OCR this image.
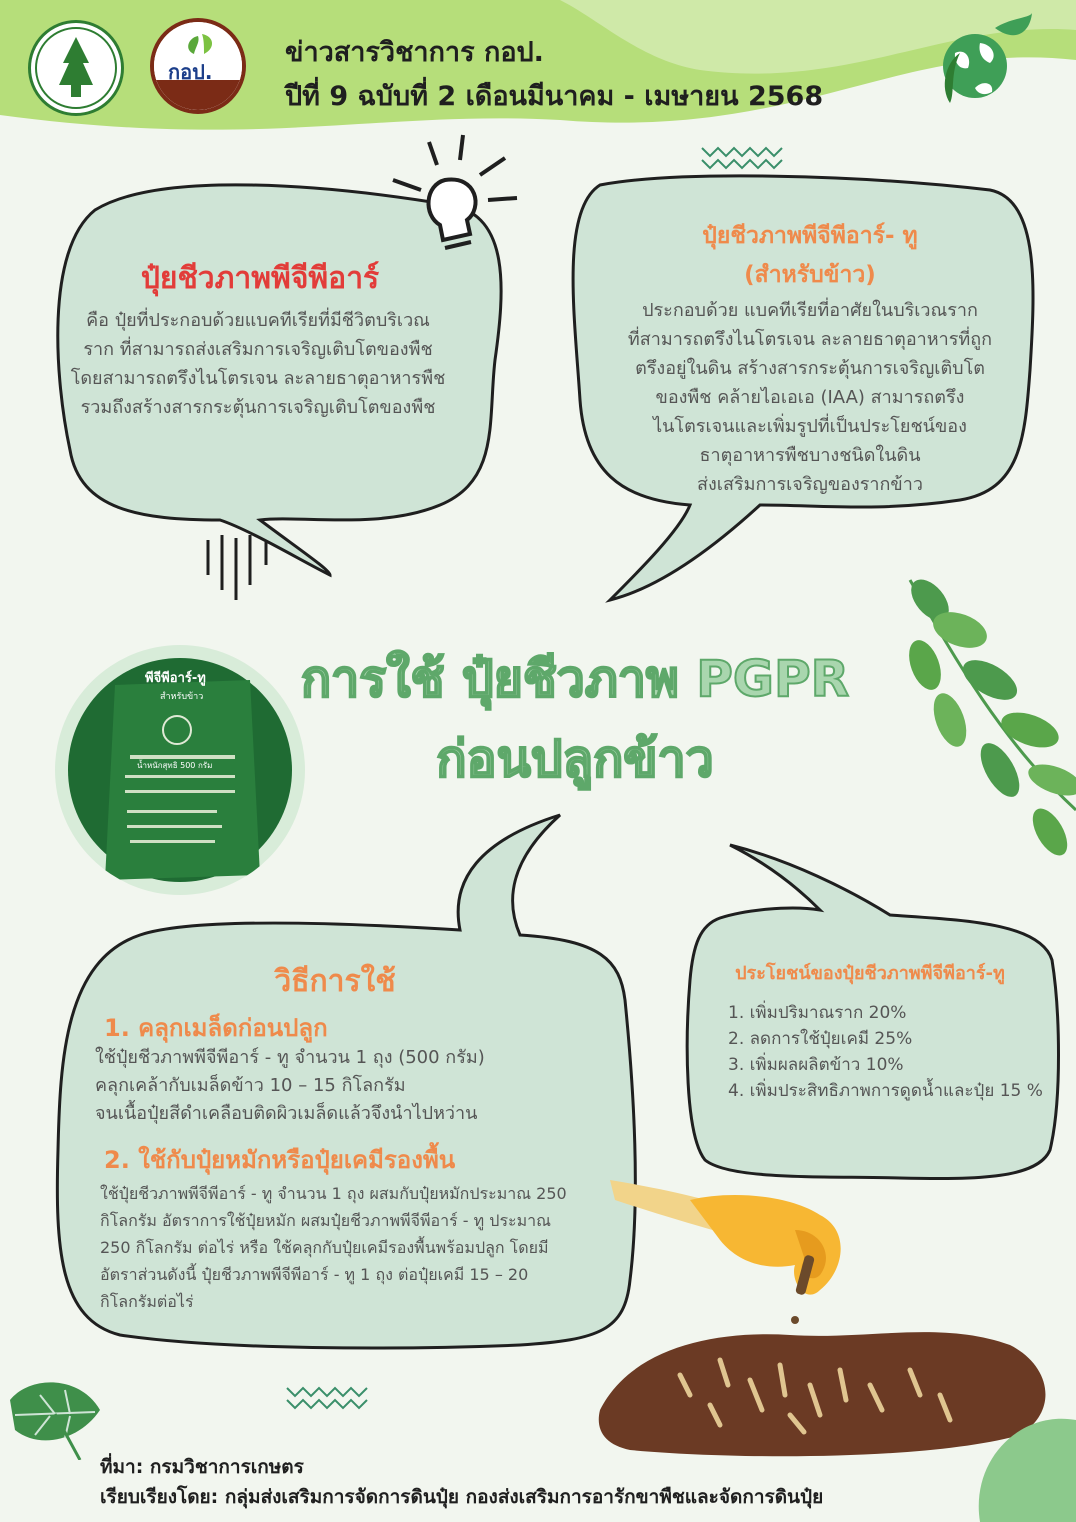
กอป.
ข่าวสารวิชาการ กอป.
ปีที่ 9 ฉบับที่ 2 เดือนมีนาคม - เมษายน 2568
ปุ๋ยชีวภาพพีจีพีอาร์
คือ ปุ๋ยที่ประกอบด้วยแบคทีเรียที่มีชีวิตบริเวณ
ราก ที่สามารถส่งเสริมการเจริญเติบโตของพืช
โดยสามารถตรึงไนโตรเจน ละลายธาตุอาหารพืช
รวมถึงสร้างสารกระตุ้นการเจริญเติบโตของพืช
ปุ๋ยชีวภาพพีจีพีอาร์- ทู
(สำหรับข้าว)
ประกอบด้วย แบคทีเรียที่อาศัยในบริเวณราก
ที่สามารถตรึงไนโตรเจน ละลายธาตุอาหารที่ถูก
ตรึงอยู่ในดิน สร้างสารกระตุ้นการเจริญเติบโต
ของพืช คล้ายไอเอเอ (IAA) สามารถตรึง
ไนโตรเจนและเพิ่มรูปที่เป็นประโยชน์ของ
ธาตุอาหารพืชบางชนิดในดิน
ส่งเสริมการเจริญของรากข้าว
การใช้ ปุ๋ยชีวภาพ PGPR
ก่อนปลูกข้าว
พีจีพีอาร์-ทู
สำหรับข้าว
น้ำหนักสุทธิ 500 กรัม
วิธีการใช้
1. คลุกเมล็ดก่อนปลูก
ใช้ปุ๋ยชีวภาพพีจีพีอาร์ - ทู จำนวน 1 ถุง (500 กรัม)
คลุกเคล้ากับเมล็ดข้าว 10 – 15 กิโลกรัม
จนเนื้อปุ๋ยสีดำเคลือบติดผิวเมล็ดแล้วจึงนำไปหว่าน
2. ใช้กับปุ๋ยหมักหรือปุ๋ยเคมีรองพื้น
ใช้ปุ๋ยชีวภาพพีจีพีอาร์ - ทู จำนวน 1 ถุง ผสมกับปุ๋ยหมักประมาณ 250
กิโลกรัม อัตราการใช้ปุ๋ยหมัก ผสมปุ๋ยชีวภาพพีจีพีอาร์ - ทู ประมาณ
250 กิโลกรัม ต่อไร่ หรือ ใช้คลุกกับปุ๋ยเคมีรองพื้นพร้อมปลูก โดยมี
อัตราส่วนดังนี้ ปุ๋ยชีวภาพพีจีพีอาร์ - ทู 1 ถุง ต่อปุ๋ยเคมี 15 – 20
กิโลกรัมต่อไร่
ประโยชน์ของปุ๋ยชีวภาพพีจีพีอาร์-ทู
1. เพิ่มปริมาณราก 20%
2. ลดการใช้ปุ๋ยเคมี 25%
3. เพิ่มผลผลิตข้าว 10%
4. เพิ่มประสิทธิภาพการดูดน้ำและปุ๋ย 15 %
ที่มา: กรมวิชาการเกษตร
เรียบเรียงโดย: กลุ่มส่งเสริมการจัดการดินปุ๋ย กองส่งเสริมการอารักขาพืชและจัดการดินปุ๋ย
